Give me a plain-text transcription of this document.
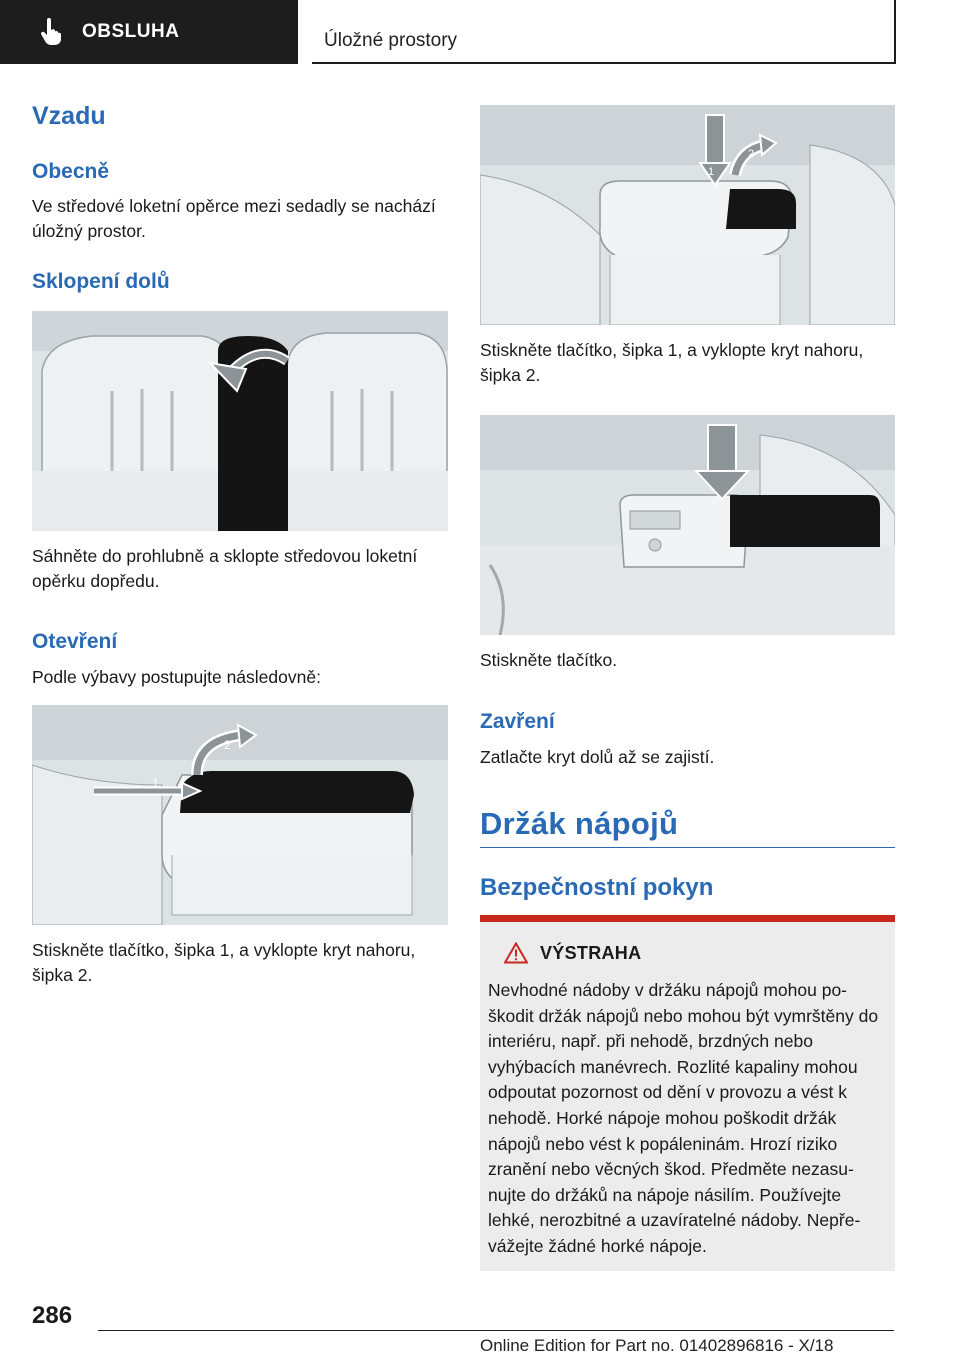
OBSLUHA	Úložné prostory
Vzadu
Obecně

Ve středové loketní opěrce mezi sedadly se nachází úložný prostor.

Sklopení dolů

Sáhněte do prohlubně a sklopte středovou loketní opěrku dopředu.

Otevření

Podle výbavy postupujte následovně:

1
2

Stiskněte tlačítko, šipka 1, a vyklopte kryt nahoru, šipka 2.

1
2

Stiskněte tlačítko, šipka 1, a vyklopte kryt nahoru, šipka 2.

Stiskněte tlačítko.

Zavření

Zatlačte kryt dolů až se zajistí.

Držák nápojů
Bezpečnostní pokyn
VÝSTRAHA

Nevhodné nádoby v držáku nápojů mohou poškodit držák nápojů nebo mohou být vymrštěny do interiéru, např. při nehodě, brzdných nebo vyhýbacích manévrech. Rozlité kapaliny mohou odpoutat pozornost od dění v provozu a vést k nehodě. Horké nápoje mohou poškodit držák nápojů nebo vést k popáleninám. Hrozí riziko zranění nebo věcných škod. Předměte nezasunujte do držáků na nápoje násilím. Používejte lehké, nerozbitné a uzavíratelné nádoby. Nepřevážejte žádné horké nápoje.

286
Online Edition for Part no. 01402896816 - X/18
